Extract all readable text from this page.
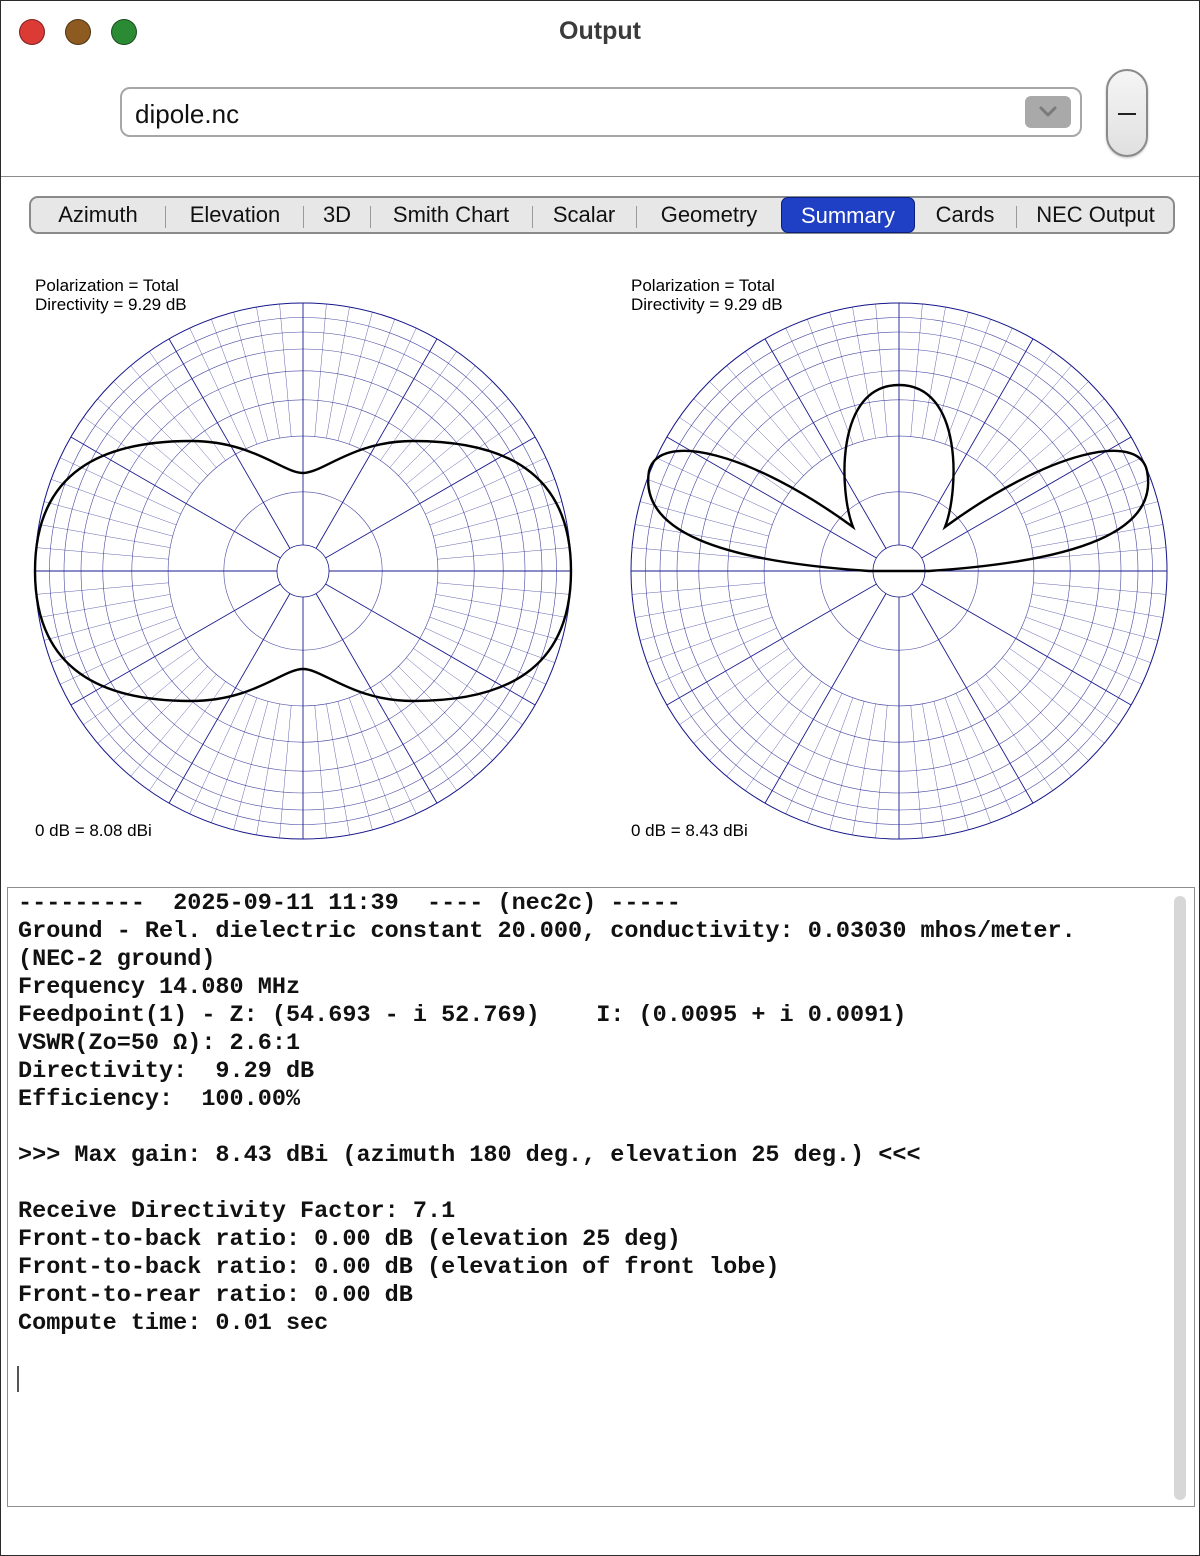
Output
dipole.nc
Azimuth	Elevation	3D	Smith Chart	Scalar	Geometry	Summary	Cards	NEC Output
Polarization = Total
Directivity = 9.29 dB
0 dB = 8.08 dBi
Polarization = Total
Directivity = 9.29 dB
0 dB = 8.43 dBi
---------  2025-09-11 11:39  ---- (nec2c) -----
Ground - Rel. dielectric constant 20.000, conductivity: 0.03030 mhos/meter.
(NEC-2 ground)
Frequency 14.080 MHz
Feedpoint(1) - Z: (54.693 - i 52.769)    I: (0.0095 + i 0.0091)
VSWR(Zo=50 Ω): 2.6:1
Directivity:  9.29 dB
Efficiency:  100.00%
>>> Max gain: 8.43 dBi (azimuth 180 deg., elevation 25 deg.) <<<
Receive Directivity Factor: 7.1
Front-to-back ratio: 0.00 dB (elevation 25 deg)
Front-to-back ratio: 0.00 dB (elevation of front lobe)
Front-to-rear ratio: 0.00 dB
Compute time: 0.01 sec
